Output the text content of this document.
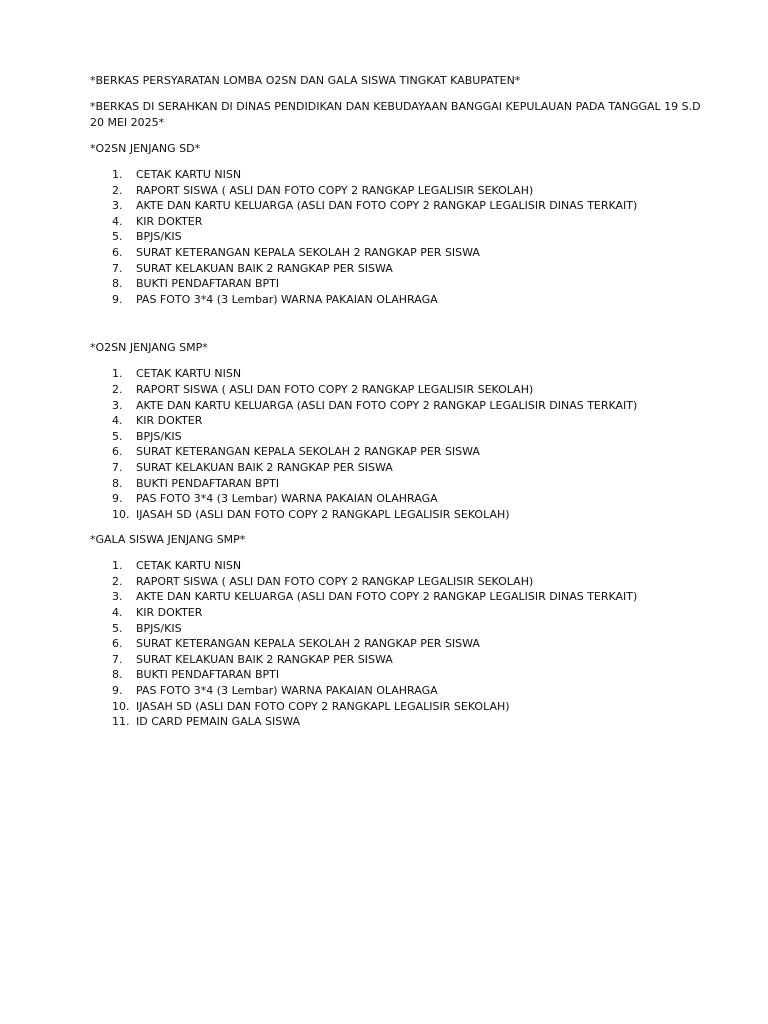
*BERKAS PERSYARATAN LOMBA O2SN DAN GALA SISWA TINGKAT KABUPATEN*

*BERKAS DI SERAHKAN DI DINAS PENDIDIKAN DAN KEBUDAYAAN BANGGAI KEPULAUAN PADA TANGGAL 19 S.D 20 MEI 2025*

*O2SN JENJANG SD*

1. CETAK KARTU NISN
2. RAPORT SISWA ( ASLI DAN FOTO COPY 2 RANGKAP LEGALISIR SEKOLAH)
3. AKTE DAN KARTU KELUARGA (ASLI DAN FOTO COPY 2 RANGKAP LEGALISIR DINAS TERKAIT)
4. KIR DOKTER
5. BPJS/KIS
6. SURAT KETERANGAN KEPALA SEKOLAH 2 RANGKAP PER SISWA
7. SURAT KELAKUAN BAIK 2 RANGKAP PER SISWA
8. BUKTI PENDAFTARAN BPTI
9. PAS FOTO 3*4 (3 Lembar) WARNA PAKAIAN OLAHRAGA

*O2SN JENJANG SMP*

1. CETAK KARTU NISN
2. RAPORT SISWA ( ASLI DAN FOTO COPY 2 RANGKAP LEGALISIR SEKOLAH)
3. AKTE DAN KARTU KELUARGA (ASLI DAN FOTO COPY 2 RANGKAP LEGALISIR DINAS TERKAIT)
4. KIR DOKTER
5. BPJS/KIS
6. SURAT KETERANGAN KEPALA SEKOLAH 2 RANGKAP PER SISWA
7. SURAT KELAKUAN BAIK 2 RANGKAP PER SISWA
8. BUKTI PENDAFTARAN BPTI
9. PAS FOTO 3*4 (3 Lembar) WARNA PAKAIAN OLAHRAGA
10. IJASAH SD (ASLI DAN FOTO COPY 2 RANGKAPL LEGALISIR SEKOLAH)

*GALA SISWA JENJANG SMP*

1. CETAK KARTU NISN
2. RAPORT SISWA ( ASLI DAN FOTO COPY 2 RANGKAP LEGALISIR SEKOLAH)
3. AKTE DAN KARTU KELUARGA (ASLI DAN FOTO COPY 2 RANGKAP LEGALISIR DINAS TERKAIT)
4. KIR DOKTER
5. BPJS/KIS
6. SURAT KETERANGAN KEPALA SEKOLAH 2 RANGKAP PER SISWA
7. SURAT KELAKUAN BAIK 2 RANGKAP PER SISWA
8. BUKTI PENDAFTARAN BPTI
9. PAS FOTO 3*4 (3 Lembar) WARNA PAKAIAN OLAHRAGA
10. IJASAH SD (ASLI DAN FOTO COPY 2 RANGKAPL LEGALISIR SEKOLAH)
11. ID CARD PEMAIN GALA SISWA
